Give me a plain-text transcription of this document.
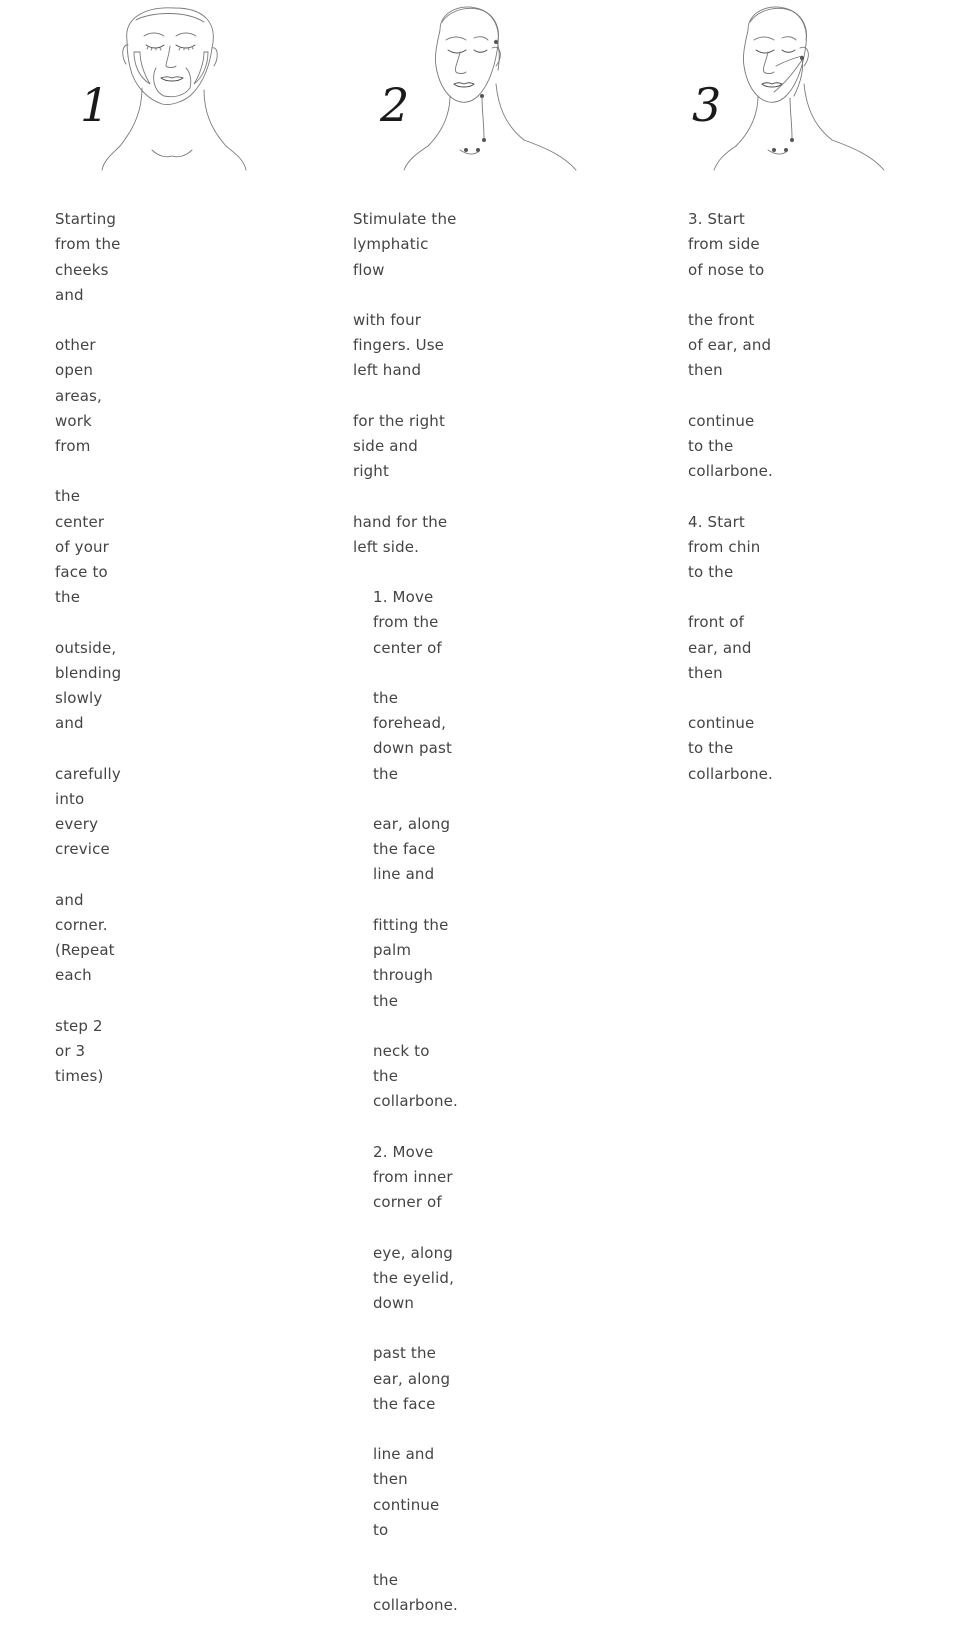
1

Starting from the cheeks and

other open areas, work from

the center of your face to the

outside, blending slowly and

carefully into every crevice

and corner. (Repeat each

step 2 or 3 times)

2

Stimulate the lymphatic flow

with four fingers. Use left hand

for the right side and right

hand for the left side.

1. Move from the center of

the forehead, down past the

ear, along the face line and

fitting the palm through the

neck to the collarbone.

2. Move from inner corner of

eye, along the eyelid, down

past the ear, along the face

line and then continue to

the collarbone.

3

3. Start from side of nose to

the front of ear, and then

continue to the collarbone.

4. Start from chin to the

front of ear, and then

continue to the collarbone.
